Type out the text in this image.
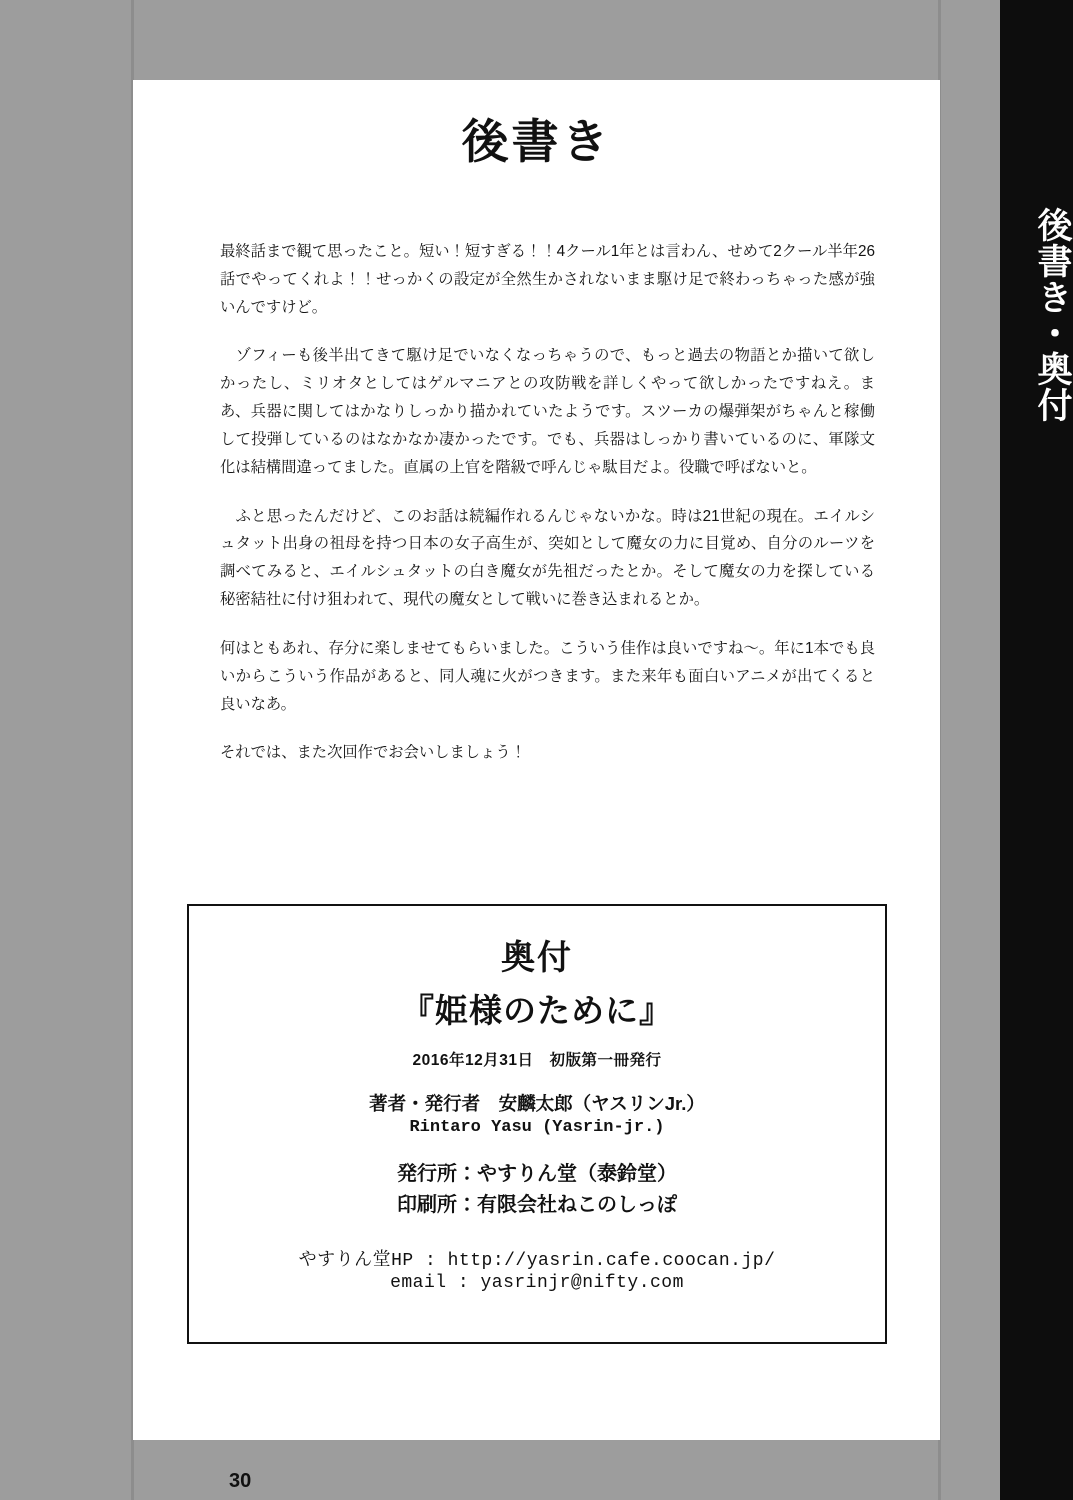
後書き

最終話まで観て思ったこと。短い！短すぎる！！4クール1年とは言わん、せめて2クール半年26話でやってくれよ！！せっかくの設定が全然生かされないまま駆け足で終わっちゃった感が強いんですけど。

　ゾフィーも後半出てきて駆け足でいなくなっちゃうので、もっと過去の物語とか描いて欲しかったし、ミリオタとしてはゲルマニアとの攻防戦を詳しくやって欲しかったですねえ。まあ、兵器に関してはかなりしっかり描かれていたようです。スツーカの爆弾架がちゃんと稼働して投弾しているのはなかなか凄かったです。でも、兵器はしっかり書いているのに、軍隊文化は結構間違ってました。直属の上官を階級で呼んじゃ駄目だよ。役職で呼ばないと。

　ふと思ったんだけど、このお話は続編作れるんじゃないかな。時は21世紀の現在。エイルシュタット出身の祖母を持つ日本の女子高生が、突如として魔女の力に目覚め、自分のルーツを調べてみると、エイルシュタットの白き魔女が先祖だったとか。そして魔女の力を探している秘密結社に付け狙われて、現代の魔女として戦いに巻き込まれるとか。

何はともあれ、存分に楽しませてもらいました。こういう佳作は良いですね〜。年に1本でも良いからこういう作品があると、同人魂に火がつきます。また来年も面白いアニメが出てくると良いなあ。

それでは、また次回作でお会いしましょう！

奥付
『姫様のために』
2016年12月31日　初版第一冊発行
著者・発行者　安麟太郎（ヤスリンJr.）
Rintaro Yasu (Yasrin-jr.)
発行所：やすりん堂（泰鈴堂）
印刷所：有限会社ねこのしっぽ
やすりん堂HP : http://yasrin.cafe.coocan.jp/
email : yasrinjr@nifty.com
30
後書き・奥付
